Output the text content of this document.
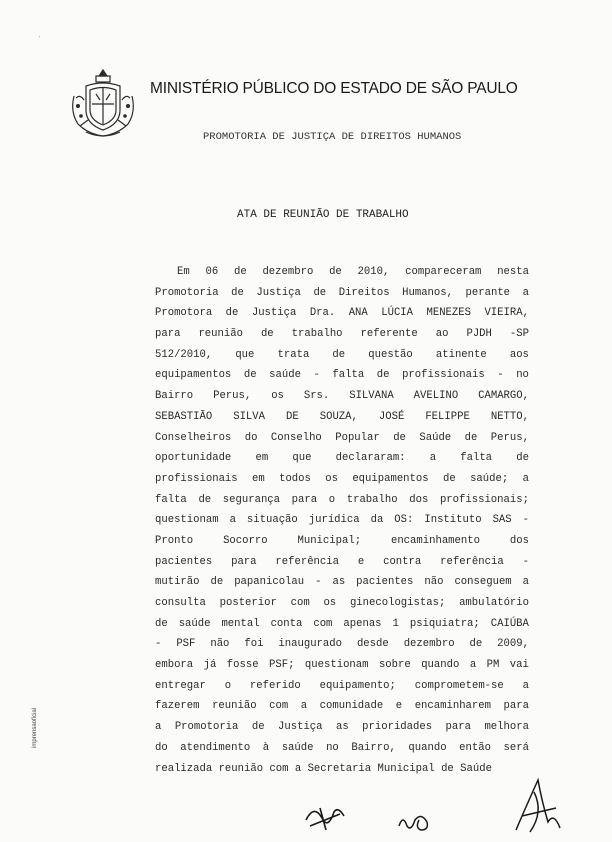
MINISTÉRIO PÚBLICO DO ESTADO DE SÃO PAULO
PROMOTORIA DE JUSTIÇA DE DIREITOS HUMANOS
ATA DE REUNIÃO DE TRABALHO
Em 06 de dezembro de 2010, compareceram nesta
Promotoria de Justiça de Direitos Humanos, perante a
Promotora de Justiça Dra. ANA LÚCIA MENEZES VIEIRA,
para reunião de trabalho referente ao PJDH -SP
512/2010, que trata de questão atinente aos
equipamentos de saúde - falta de profissionais - no
Bairro Perus, os Srs. SILVANA AVELINO CAMARGO,
SEBASTIÃO SILVA DE SOUZA, JOSÉ FELIPPE NETTO,
Conselheiros do Conselho Popular de Saúde de Perus,
oportunidade em que declararam: a falta de
profissionais em todos os equipamentos de saúde; a
falta de segurança para o trabalho dos profissionais;
questionam a situação jurídica da OS: Instituto SAS -
Pronto	Socorro	Municipal;	encaminhamento	dos
pacientes para referência e contra referência -
mutirão de papanicolau - as pacientes não conseguem a
consulta posterior com os ginecologistas; ambulatório
de saúde mental conta com apenas 1 psiquiatra; CAIÚBA
- PSF não foi inaugurado desde dezembro de 2009,
embora já fosse PSF; questionam sobre quando a PM vai
entregar o referido equipamento; comprometem-se a
fazerem reunião com a comunidade e encaminharem para
a Promotoria de Justiça as prioridades para melhora
do atendimento à saúde no Bairro, quando então será
realizada reunião com a Secretaria Municipal de Saúde
imprensaoficial
·
